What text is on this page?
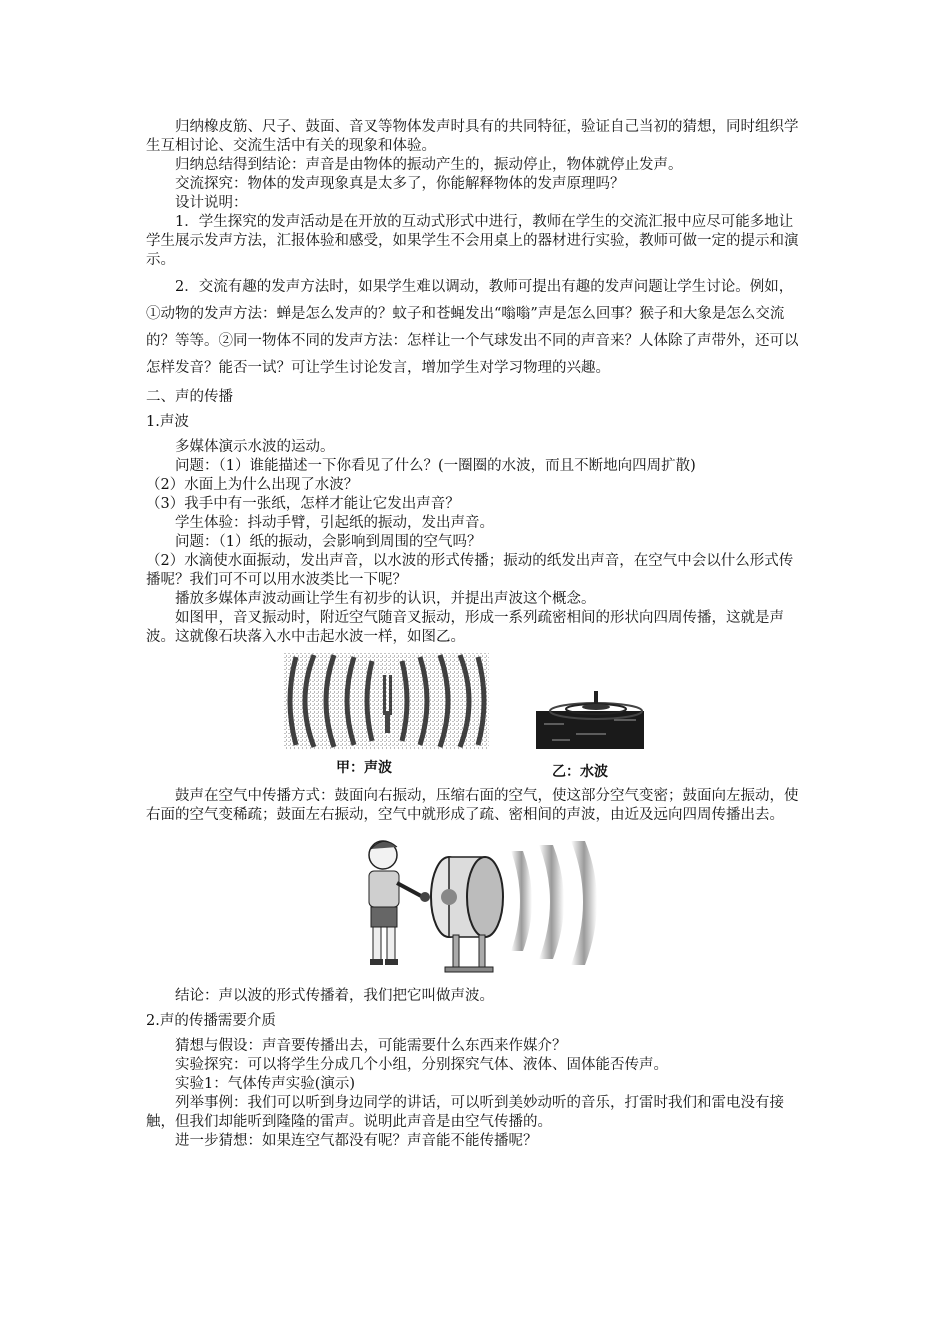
归纳橡皮筋、尺子、鼓面、音叉等物体发声时具有的共同特征，验证自己当初的猜想，同时组织学生互相讨论、交流生活中有关的现象和体验。

归纳总结得到结论：声音是由物体的振动产生的，振动停止，物体就停止发声。

交流探究：物体的发声现象真是太多了，你能解释物体的发声原理吗？

设计说明：

1．学生探究的发声活动是在开放的互动式形式中进行，教师在学生的交流汇报中应尽可能多地让学生展示发声方法，汇报体验和感受，如果学生不会用桌上的器材进行实验，教师可做一定的提示和演示。

2．交流有趣的发声方法时，如果学生难以调动，教师可提出有趣的发声问题让学生讨论。例如，①动物的发声方法：蝉是怎么发声的？蚊子和苍蝇发出“嗡嗡”声是怎么回事？猴子和大象是怎么交流的？等等。②同一物体不同的发声方法：怎样让一个气球发出不同的声音来？人体除了声带外，还可以怎样发音？能否一试？可让学生讨论发言，增加学生对学习物理的兴趣。

二、声的传播

1.声波

多媒体演示水波的运动。

问题：（1）谁能描述一下你看见了什么？(一圈圈的水波，而且不断地向四周扩散)

（2）水面上为什么出现了水波？

（3）我手中有一张纸，怎样才能让它发出声音？

学生体验：抖动手臂，引起纸的振动，发出声音。

问题：（1）纸的振动，会影响到周围的空气吗？

（2）水滴使水面振动，发出声音，以水波的形式传播；振动的纸发出声音，在空气中会以什么形式传播呢？我们可不可以用水波类比一下呢？

播放多媒体声波动画让学生有初步的认识，并提出声波这个概念。

如图甲，音叉振动时，附近空气随音叉振动，形成一系列疏密相间的形状向四周传播，这就是声波。这就像石块落入水中击起水波一样，如图乙。

甲：声波	乙：水波

鼓声在空气中传播方式：鼓面向右振动，压缩右面的空气，使这部分空气变密；鼓面向左振动，使右面的空气变稀疏；鼓面左右振动，空气中就形成了疏、密相间的声波，由近及远向四周传播出去。

结论：声以波的形式传播着，我们把它叫做声波。

2.声的传播需要介质

猜想与假设：声音要传播出去，可能需要什么东西来作媒介？

实验探究：可以将学生分成几个小组，分别探究气体、液体、固体能否传声。

实验1：气体传声实验(演示)

列举事例：我们可以听到身边同学的讲话，可以听到美妙动听的音乐，打雷时我们和雷电没有接触，但我们却能听到隆隆的雷声。说明此声音是由空气传播的。

进一步猜想：如果连空气都没有呢？声音能不能传播呢？
